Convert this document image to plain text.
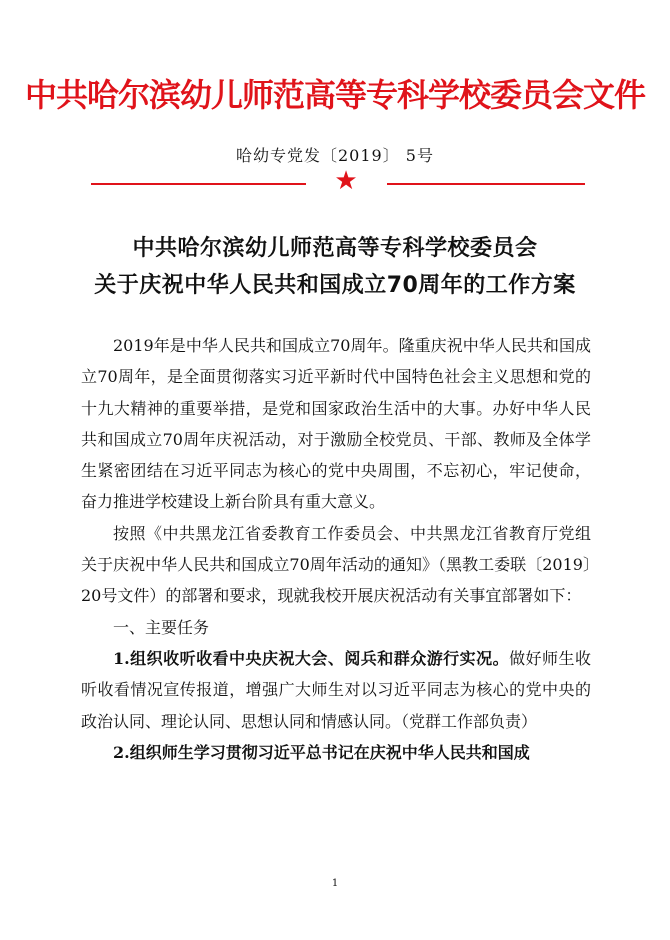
中共哈尔滨幼儿师范高等专科学校委员会文件
哈幼专党发〔2019〕 5号
★
中共哈尔滨幼儿师范高等专科学校委员会
关于庆祝中华人民共和国成立70周年的工作方案

2019年是中华人民共和国成立70周年。隆重庆祝中华人民共和国成立70周年，是全面贯彻落实习近平新时代中国特色社会主义思想和党的十九大精神的重要举措，是党和国家政治生活中的大事。办好中华人民共和国成立70周年庆祝活动，对于激励全校党员、干部、教师及全体学生紧密团结在习近平同志为核心的党中央周围，不忘初心，牢记使命，奋力推进学校建设上新台阶具有重大意义。

按照《中共黑龙江省委教育工作委员会、中共黑龙江省教育厅党组关于庆祝中华人民共和国成立70周年活动的通知》（黑教工委联〔2019〕20号文件）的部署和要求，现就我校开展庆祝活动有关事宜部署如下：

一、主要任务

1.组织收听收看中央庆祝大会、阅兵和群众游行实况。做好师生收听收看情况宣传报道，增强广大师生对以习近平同志为核心的党中央的政治认同、理论认同、思想认同和情感认同。（党群工作部负责）

2.组织师生学习贯彻习近平总书记在庆祝中华人民共和国成

1
